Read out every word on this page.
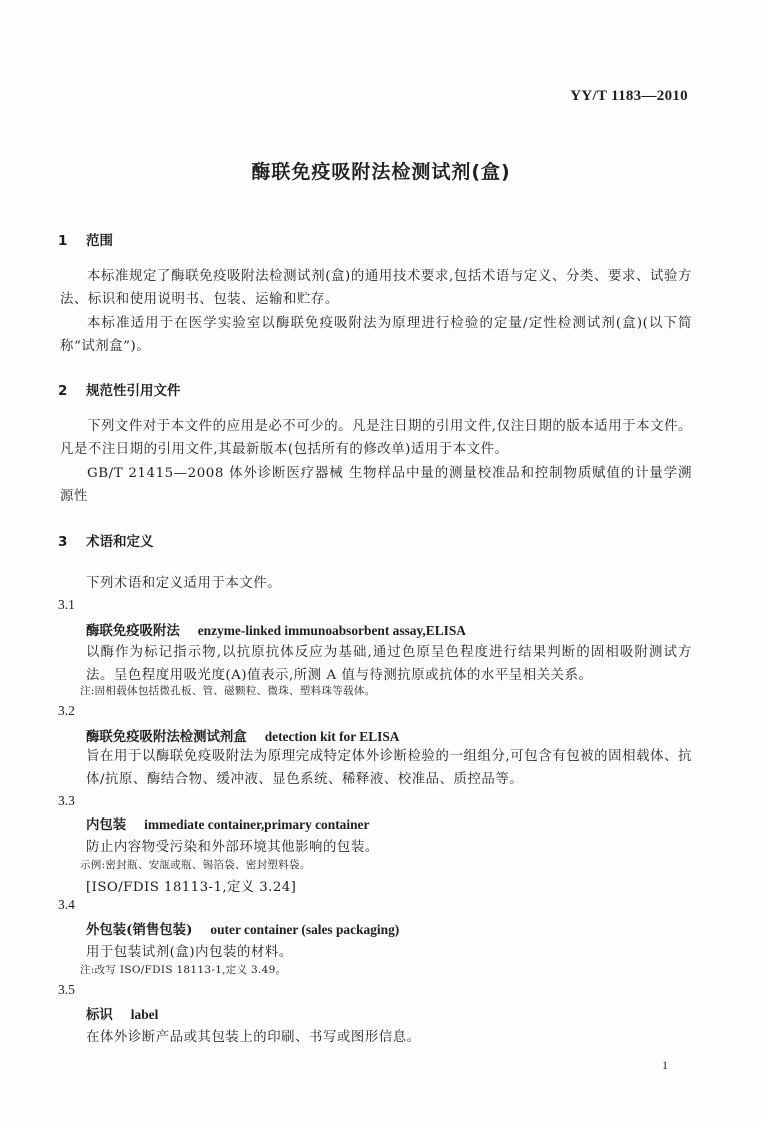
YY/T 1183—2010
酶联免疫吸附法检测试剂(盒)
1 范围
本标准规定了酶联免疫吸附法检测试剂(盒)的通用技术要求,包括术语与定义、分类、要求、试验方法、标识和使用说明书、包装、运输和贮存。
本标准适用于在医学实验室以酶联免疫吸附法为原理进行检验的定量/定性检测试剂(盒)(以下简称“试剂盒”)。
2 规范性引用文件
下列文件对于本文件的应用是必不可少的。凡是注日期的引用文件,仅注日期的版本适用于本文件。凡是不注日期的引用文件,其最新版本(包括所有的修改单)适用于本文件。
GB/T 21415—2008 体外诊断医疗器械 生物样品中量的测量校准品和控制物质赋值的计量学溯源性
3 术语和定义
下列术语和定义适用于本文件。
3.1
酶联免疫吸附法 enzyme-linked immunoabsorbent assay,ELISA
以酶作为标记指示物,以抗原抗体反应为基础,通过色原呈色程度进行结果判断的固相吸附测试方法。呈色程度用吸光度(A)值表示,所测 A 值与待测抗原或抗体的水平呈相关关系。
注:固相载体包括微孔板、管、磁颗粒、微珠、塑料珠等载体。
3.2
酶联免疫吸附法检测试剂盒 detection kit for ELISA
旨在用于以酶联免疫吸附法为原理完成特定体外诊断检验的一组组分,可包含有包被的固相载体、抗体/抗原、酶结合物、缓冲液、显色系统、稀释液、校准品、质控品等。
3.3
内包装 immediate container,primary container
防止内容物受污染和外部环境其他影响的包装。
示例:密封瓶、安瓿或瓶、锡箔袋、密封塑料袋。
[ISO/FDIS 18113-1,定义 3.24]
3.4
外包装(销售包装) outer container (sales packaging)
用于包装试剂(盒)内包装的材料。
注:改写 ISO/FDIS 18113-1,定义 3.49。
3.5
标识 label
在体外诊断产品或其包装上的印刷、书写或图形信息。
1
